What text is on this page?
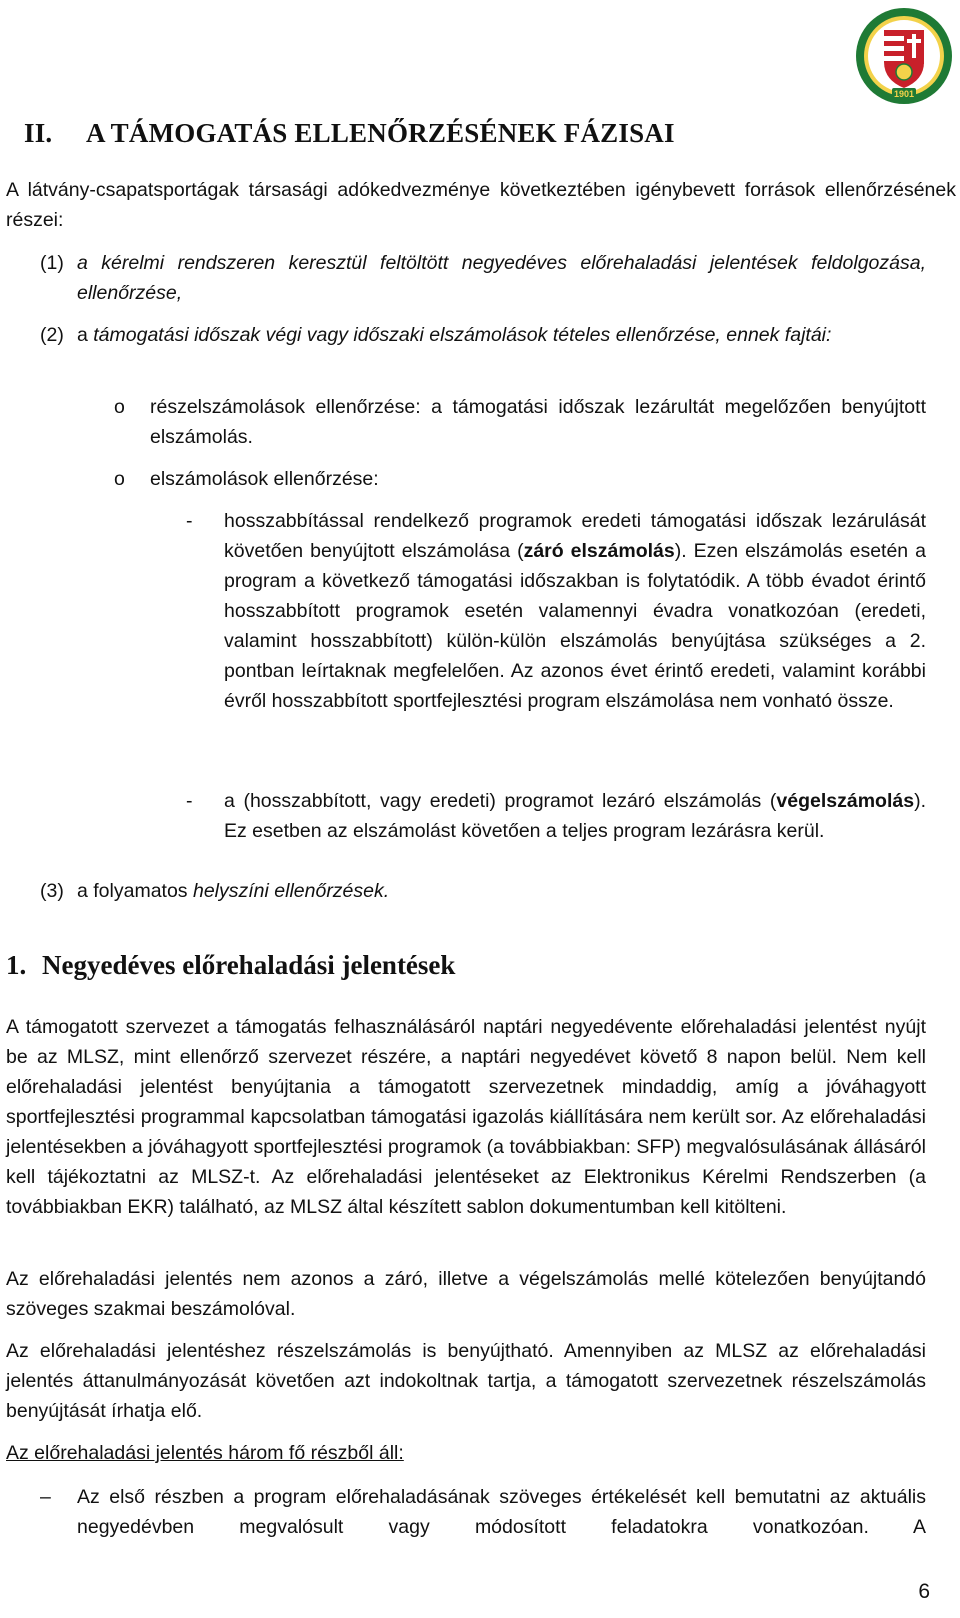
1901
II. A TÁMOGATÁS ELLENŐRZÉSÉNEK FÁZISAI
A látvány-csapatsportágak társasági adókedvezménye következtében igénybevett források ellenőrzésének részei:
(1) a kérelmi rendszeren keresztül feltöltött negyedéves előrehaladási jelentések feldolgozása, ellenőrzése,
(2) a támogatási időszak végi vagy időszaki elszámolások tételes ellenőrzése, ennek fajtái:
o	részelszámolások ellenőrzése: a támogatási időszak lezárultát megelőzően benyújtott elszámolás.
o	elszámolások ellenőrzése:
-	hosszabbítással rendelkező programok eredeti támogatási időszak lezárulását követően benyújtott elszámolása (záró elszámolás). Ezen elszámolás esetén a program a következő támogatási időszakban is folytatódik. A több évadot érintő hosszabbított programok esetén valamennyi évadra vonatkozóan (eredeti, valamint hosszabbított) külön-külön elszámolás benyújtása szükséges a 2. pontban leírtaknak megfelelően. Az azonos évet érintő eredeti, valamint korábbi évről hosszabbított sportfejlesztési program elszámolása nem vonható össze.
-	a (hosszabbított, vagy eredeti) programot lezáró elszámolás (végelszámolás). Ez esetben az elszámolást követően a teljes program lezárásra kerül.
(3) a folyamatos helyszíni ellenőrzések.
1. Negyedéves előrehaladási jelentések
A támogatott szervezet a támogatás felhasználásáról naptári negyedévente előrehaladási jelentést nyújt be az MLSZ, mint ellenőrző szervezet részére, a naptári negyedévet követő 8 napon belül. Nem kell előrehaladási jelentést benyújtania a támogatott szervezetnek mindaddig, amíg a jóváhagyott sportfejlesztési programmal kapcsolatban támogatási igazolás kiállítására nem került sor. Az előrehaladási jelentésekben a jóváhagyott sportfejlesztési programok (a továbbiakban: SFP) megvalósulásának állásáról kell tájékoztatni az MLSZ-t. Az előrehaladási jelentéseket az Elektronikus Kérelmi Rendszerben (a továbbiakban EKR) található, az MLSZ által készített sablon dokumentumban kell kitölteni.
Az előrehaladási jelentés nem azonos a záró, illetve a végelszámolás mellé kötelezően benyújtandó szöveges szakmai beszámolóval.
Az előrehaladási jelentéshez részelszámolás is benyújtható. Amennyiben az MLSZ az előrehaladási jelentés áttanulmányozását követően azt indokoltnak tartja, a támogatott szervezetnek részelszámolás benyújtását írhatja elő.
Az előrehaladási jelentés három fő részből áll:
–	Az első részben a program előrehaladásának szöveges értékelését kell bemutatni az aktuális negyedévben megvalósult vagy módosított feladatokra vonatkozóan. A
6
